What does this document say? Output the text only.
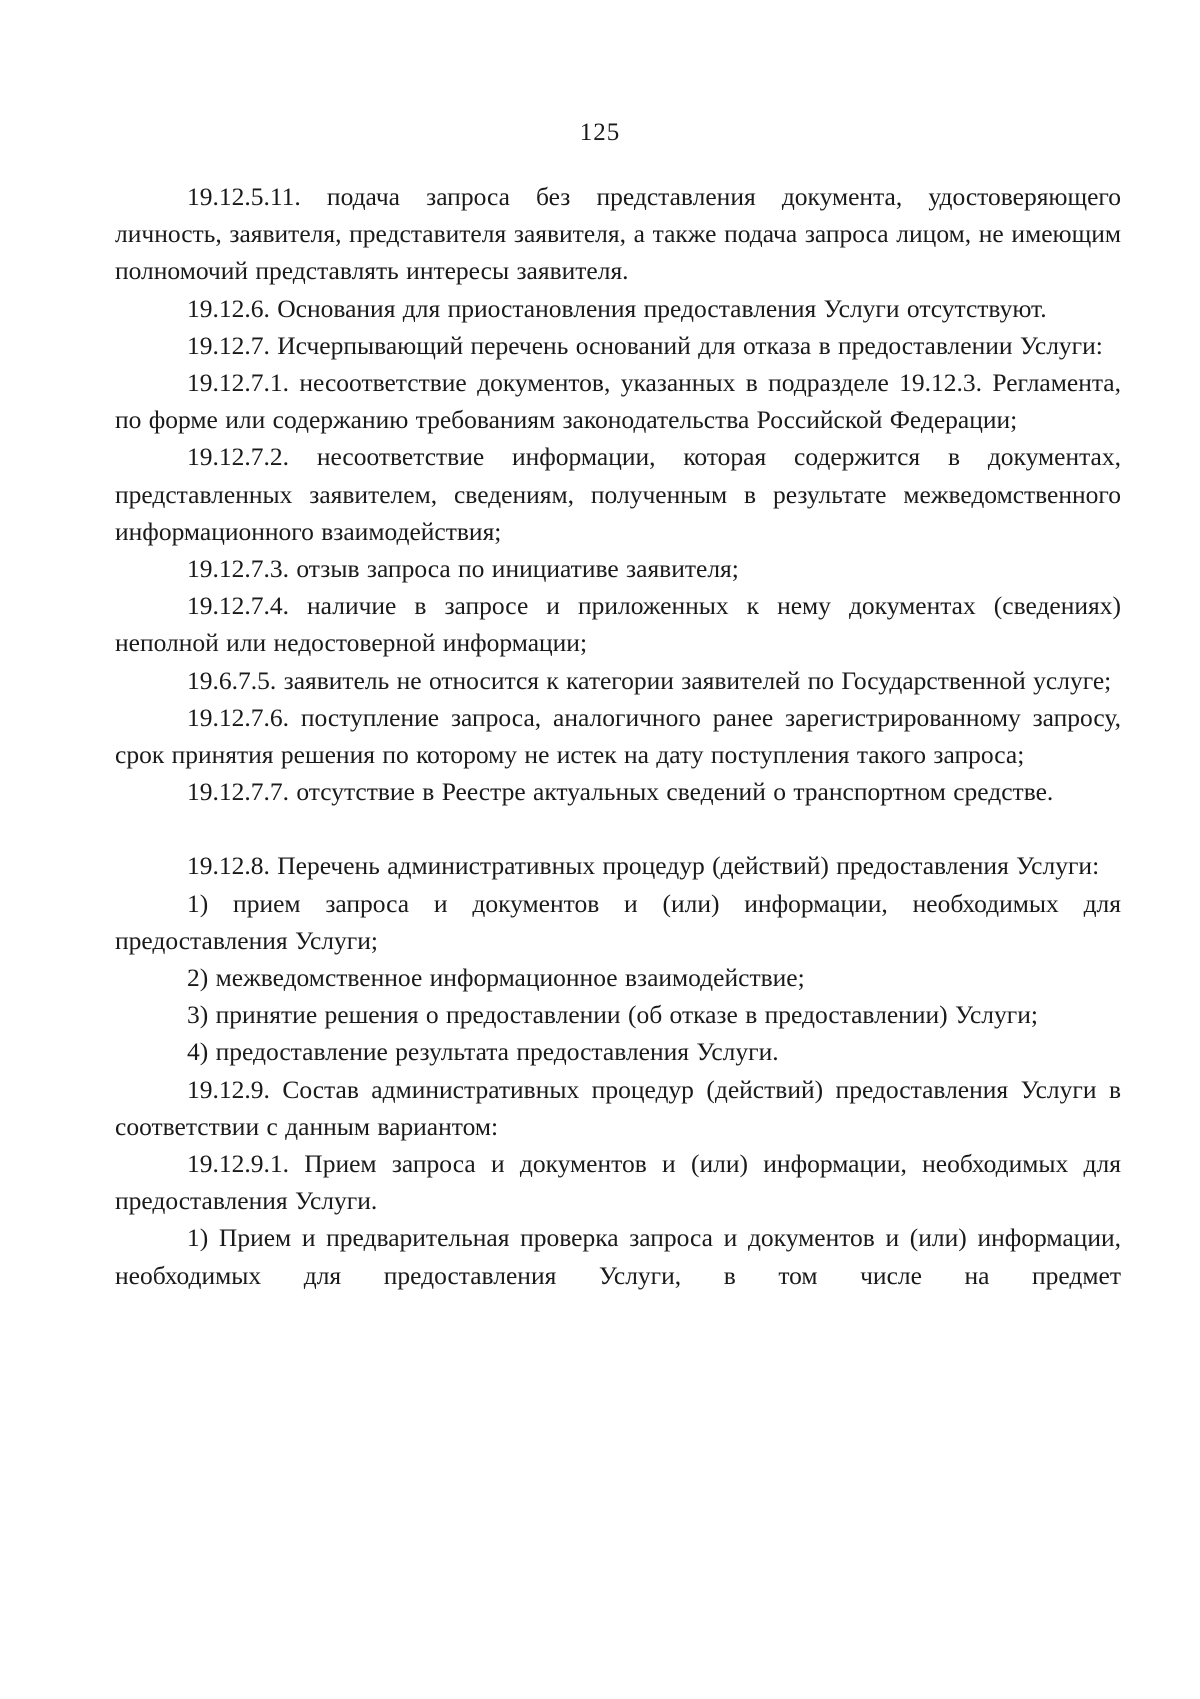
125

19.12.5.11. подача запроса без представления документа, удостоверяющего личность, заявителя, представителя заявителя, а также подача запроса лицом, не имеющим полномочий представлять интересы заявителя.

19.12.6. Основания для приостановления предоставления Услуги отсутствуют.

19.12.7. Исчерпывающий перечень оснований для отказа в предоставлении Услуги:

19.12.7.1. несоответствие документов, указанных в подразделе 19.12.3. Регламента, по форме или содержанию требованиям законодательства Российской Федерации;

19.12.7.2. несоответствие информации, которая содержится в документах, представленных заявителем, сведениям, полученным в результате межведомственного информационного взаимодействия;

19.12.7.3. отзыв запроса по инициативе заявителя;

19.12.7.4. наличие в запросе и приложенных к нему документах (сведениях) неполной или недостоверной информации;

19.6.7.5. заявитель не относится к категории заявителей по Государственной услуге;

19.12.7.6. поступление запроса, аналогичного ранее зарегистрированному запросу, срок принятия решения по которому не истек на дату поступления такого запроса;

19.12.7.7. отсутствие в Реестре актуальных сведений о транспортном средстве.

19.12.8. Перечень административных процедур (действий) предоставления Услуги:

1) прием запроса и документов и (или) информации, необходимых для предоставления Услуги;

2) межведомственное информационное взаимодействие;

3) принятие решения о предоставлении (об отказе в предоставлении) Услуги;

4) предоставление результата предоставления Услуги.

19.12.9. Состав административных процедур (действий) предоставления Услуги в соответствии с данным вариантом:

19.12.9.1. Прием запроса и документов и (или) информации, необходимых для предоставления Услуги.

1) Прием и предварительная проверка запроса и документов и (или) информации, необходимых для предоставления Услуги, в том числе на предмет
